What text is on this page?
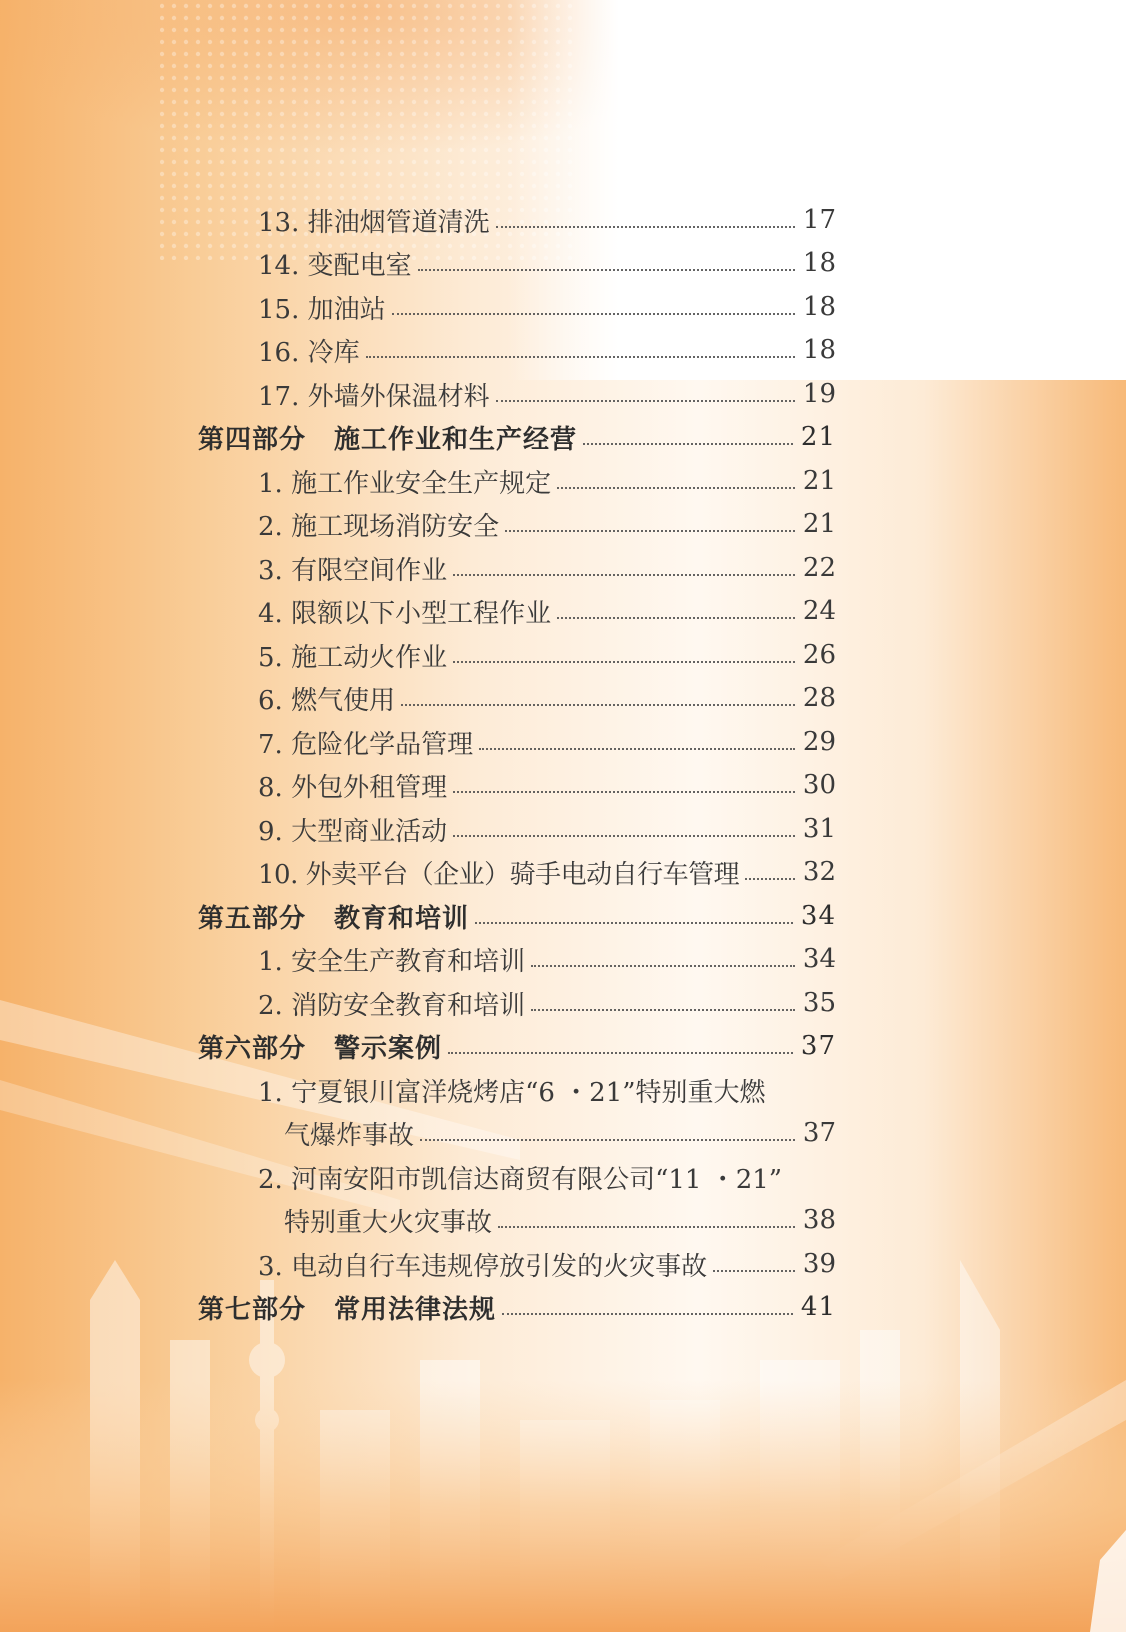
13. 排油烟管道清洗	17
14. 变配电室	18
15. 加油站	18
16. 冷库	18
17. 外墙外保温材料	19
第四部分 施工作业和生产经营	21
1. 施工作业安全生产规定	21
2. 施工现场消防安全	21
3. 有限空间作业	22
4. 限额以下小型工程作业	24
5. 施工动火作业	26
6. 燃气使用	28
7. 危险化学品管理	29
8. 外包外租管理	30
9. 大型商业活动	31
10. 外卖平台（企业）骑手电动自行车管理 32
第五部分 教育和培训	34
1. 安全生产教育和培训	34
2. 消防安全教育和培训	35
第六部分 警示案例	37
1. 宁夏银川富洋烧烤店“6 ・21”特别重大燃
气爆炸事故	37
2. 河南安阳市凯信达商贸有限公司“11 ・21”
特别重大火灾事故	38
3. 电动自行车违规停放引发的火灾事故	39
第七部分 常用法律法规	41
